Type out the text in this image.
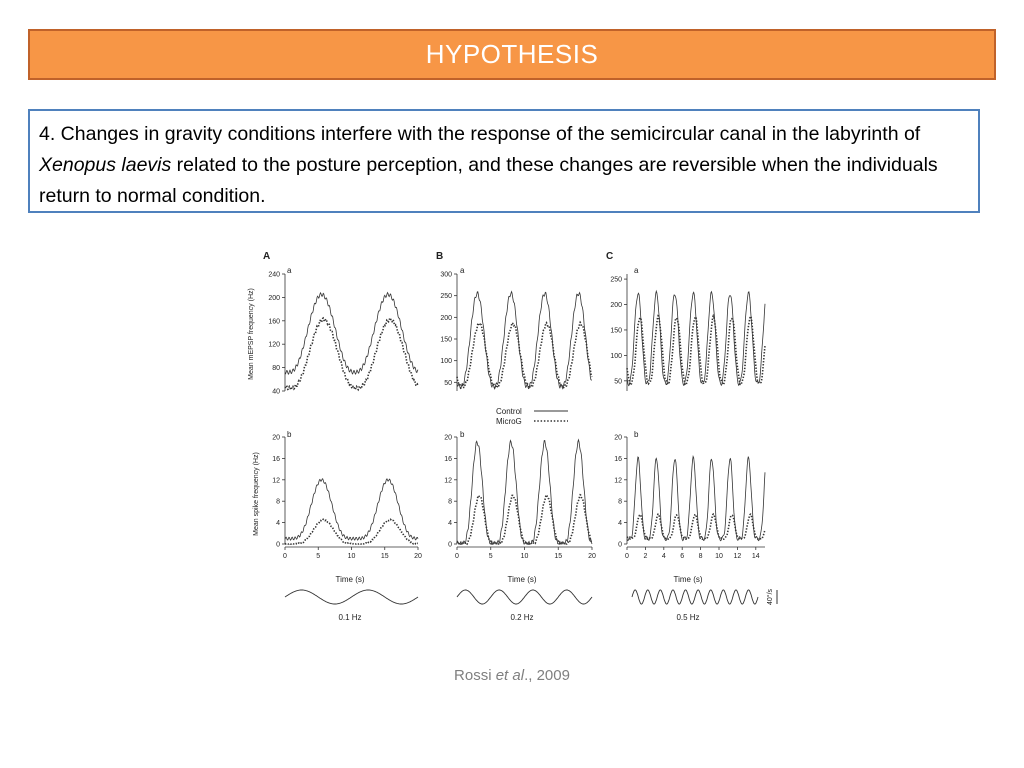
HYPOTHESIS
4. Changes in gravity conditions interfere with the response of the semicircular canal in the labyrinth of Xenopus laevis related to the posture perception, and these changes are reversible when the individuals return to normal condition.
A	B	C
a	a	a
b	b	b
Mean mEPSP frequency (Hz)
Mean spike frequency (Hz)
Time (s)	Time (s)	Time (s)
Control
MicroG
0.1 Hz	0.2 Hz	0.5 Hz
40°/s
240
200
160
120
80
40
300
250
200
150
100
50
250
200
150
100
50
20
16
12
8
4
0
0	5	10	15	20
20
16
12
8
4
0
0	5	10	15	20
20
16
12
8
4
0
0 2 4 6 8 10 12 14
Rossi et al., 2009
